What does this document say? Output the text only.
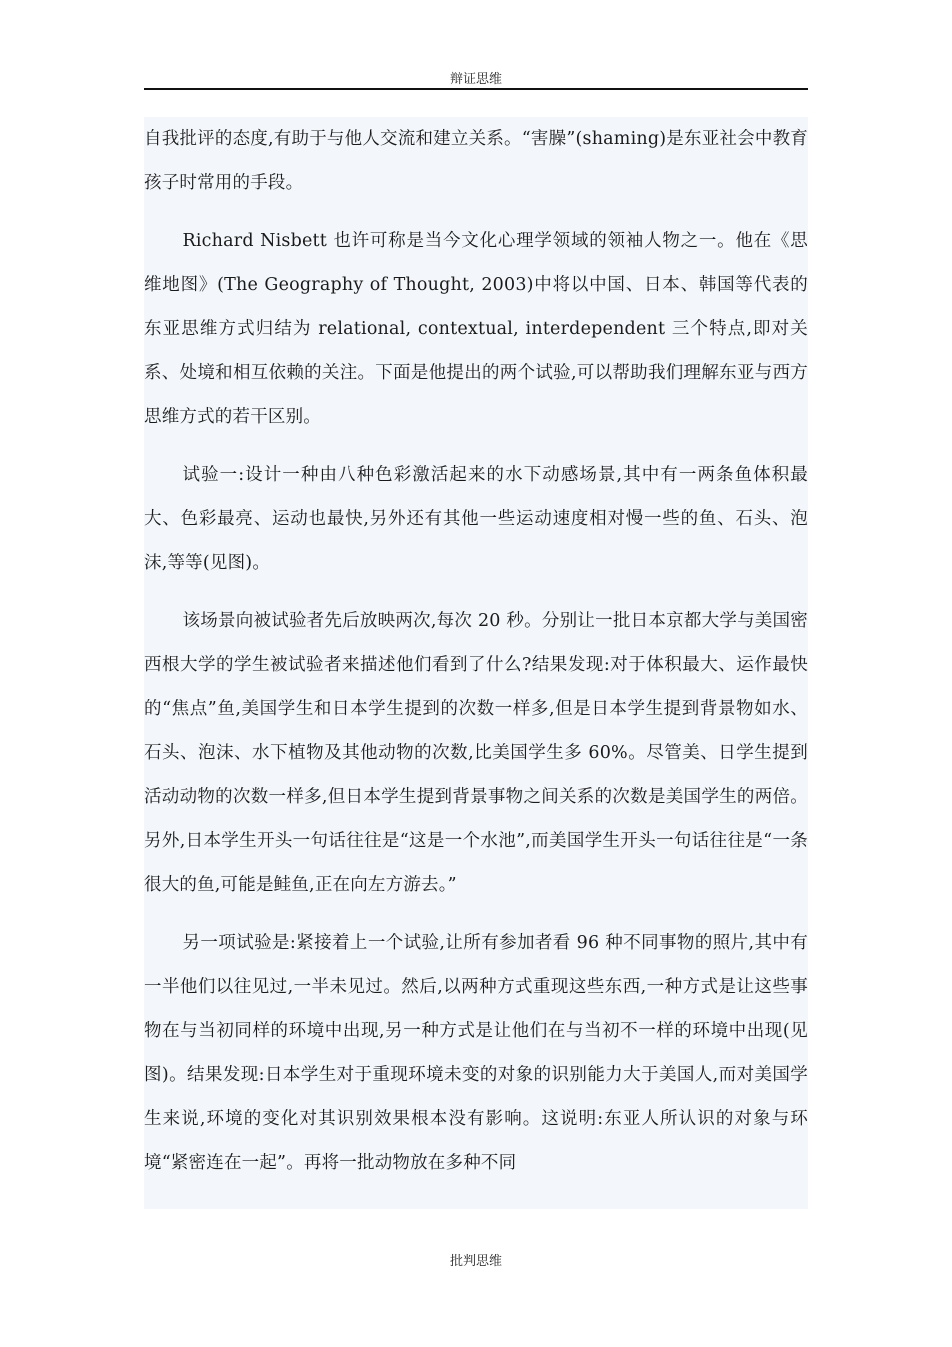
辩证思维

自我批评的态度,有助于与他人交流和建立关系。“害臊”(shaming)是东亚社会中教育孩子时常用的手段。

Richard Nisbett 也许可称是当今文化心理学领域的领袖人物之一。他在《思维地图》(The Geography of Thought, 2003)中将以中国、日本、韩国等代表的东亚思维方式归结为 relational, contextual, interdependent 三个特点,即对关系、处境和相互依赖的关注。下面是他提出的两个试验,可以帮助我们理解东亚与西方思维方式的若干区别。

试验一:设计一种由八种色彩激活起来的水下动感场景,其中有一两条鱼体积最大、色彩最亮、运动也最快,另外还有其他一些运动速度相对慢一些的鱼、石头、泡沫,等等(见图)。

该场景向被试验者先后放映两次,每次 20 秒。分别让一批日本京都大学与美国密西根大学的学生被试验者来描述他们看到了什么?结果发现:对于体积最大、运作最快的“焦点”鱼,美国学生和日本学生提到的次数一样多,但是日本学生提到背景物如水、石头、泡沫、水下植物及其他动物的次数,比美国学生多 60%。尽管美、日学生提到活动动物的次数一样多,但日本学生提到背景事物之间关系的次数是美国学生的两倍。另外,日本学生开头一句话往往是“这是一个水池”,而美国学生开头一句话往往是“一条很大的鱼,可能是鲑鱼,正在向左方游去。”

另一项试验是:紧接着上一个试验,让所有参加者看 96 种不同事物的照片,其中有一半他们以往见过,一半未见过。然后,以两种方式重现这些东西,一种方式是让这些事物在与当初同样的环境中出现,另一种方式是让他们在与当初不一样的环境中出现(见图)。结果发现:日本学生对于重现环境未变的对象的识别能力大于美国人,而对美国学生来说,环境的变化对其识别效果根本没有影响。这说明:东亚人所认识的对象与环境“紧密连在一起”。再将一批动物放在多种不同

批判思维
